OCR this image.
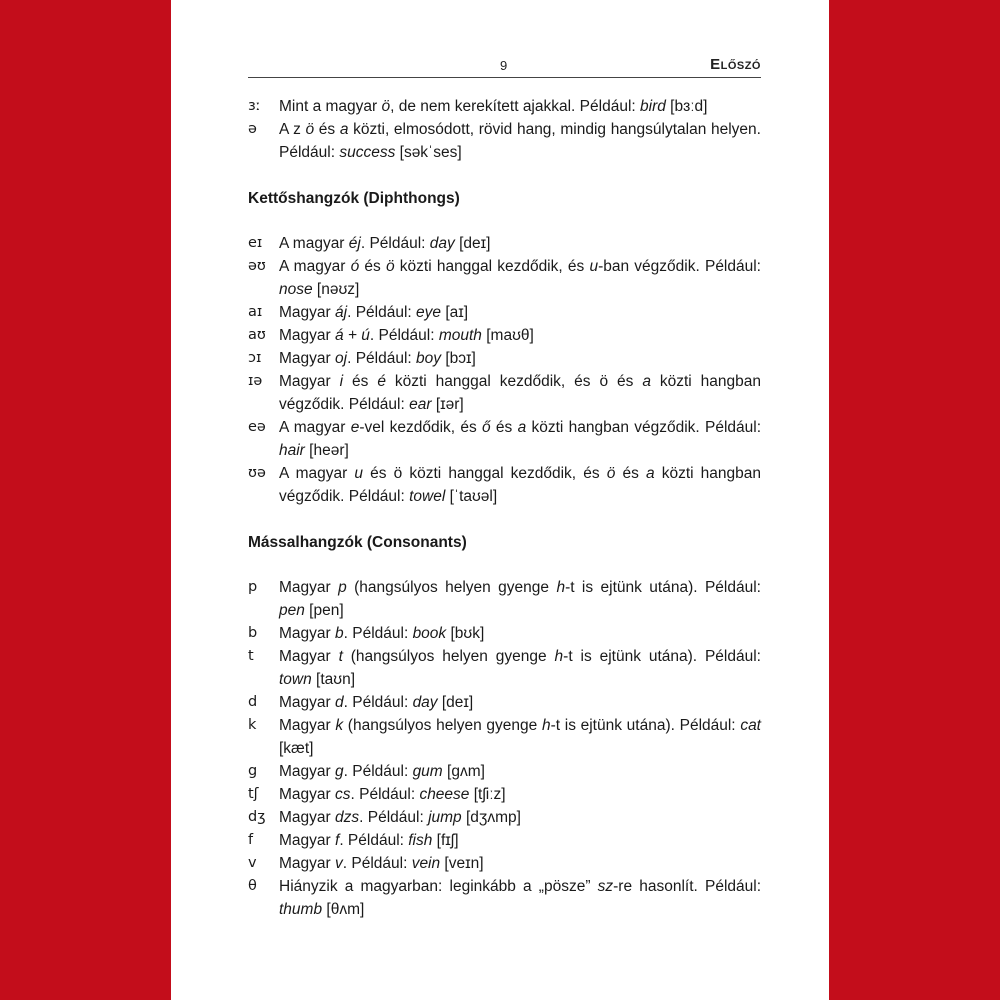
9	Előszó
ɜː	Mint a magyar ö, de nem kerekített ajakkal. Például: bird [bɜːd]
ə	A z ö és a közti, elmosódott, rövid hang, mindig hangsúlytalan helyen. Például: success [səkˈses]

Kettőshangzók (Diphthongs)

eɪ	A magyar éj. Például: day [deɪ]
əʊ A magyar ó és ö közti hanggal kezdődik, és u-ban végződik. Például: nose [nəʊz]
aɪ	Magyar áj. Például: eye [aɪ]
aʊ Magyar á + ú. Például: mouth [maʊθ]
ɔɪ	Magyar oj. Például: boy [bɔɪ]
ɪə	Magyar i és é közti hanggal kezdődik, és ö és a közti hangban végződik. Például: ear [ɪər]
eə A magyar e-vel kezdődik, és ő és a közti hangban végződik. Például: hair [heər]
ʊə A magyar u és ö közti hanggal kezdődik, és ö és a közti hangban végződik. Például: towel [ˈtaʊəl]

Mássalhangzók (Consonants)

p	Magyar p (hangsúlyos helyen gyenge h-t is ejtünk utána). Például: pen [pen]
b	Magyar b. Például: book [bʊk]
t	Magyar t (hangsúlyos helyen gyenge h-t is ejtünk utána). Például: town [taʊn]
d	Magyar d. Például: day [deɪ]
k	Magyar k (hangsúlyos helyen gyenge h-t is ejtünk utána). Például: cat [kæt]
g	Magyar g. Például: gum [gʌm]
tʃ	Magyar cs. Például: cheese [tʃiːz]
dʒ Magyar dzs. Például: jump [dʒʌmp]
f	Magyar f. Például: fish [fɪʃ]
v	Magyar v. Például: vein [veɪn]
θ	Hiányzik a magyarban: leginkább a „pösze” sz-re hasonlít. Például: thumb [θʌm]
